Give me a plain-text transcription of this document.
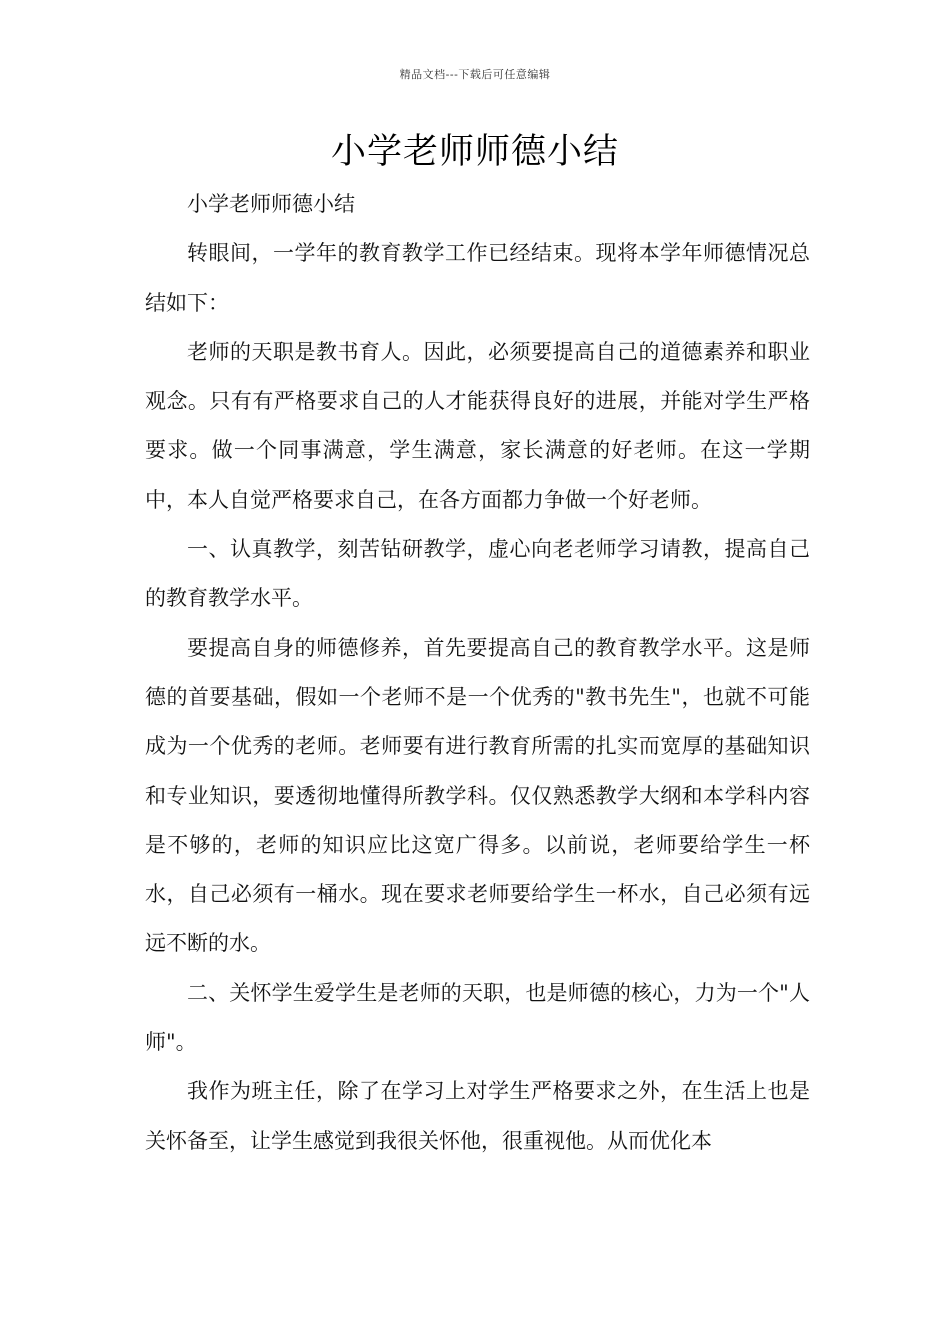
精品文档---下载后可任意编辑
小学老师师德小结

小学老师师德小结

转眼间，一学年的教育教学工作已经结束。现将本学年师德情况总结如下：

老师的天职是教书育人。因此，必须要提高自己的道德素养和职业观念。只有有严格要求自己的人才能获得良好的进展，并能对学生严格要求。做一个同事满意，学生满意，家长满意的好老师。在这一学期中，本人自觉严格要求自己，在各方面都力争做一个好老师。

一、认真教学，刻苦钻研教学，虚心向老老师学习请教，提高自己的教育教学水平。

要提高自身的师德修养，首先要提高自己的教育教学水平。这是师德的首要基础，假如一个老师不是一个优秀的"教书先生"，也就不可能成为一个优秀的老师。老师要有进行教育所需的扎实而宽厚的基础知识和专业知识，要透彻地懂得所教学科。仅仅熟悉教学大纲和本学科内容是不够的，老师的知识应比这宽广得多。以前说，老师要给学生一杯水，自己必须有一桶水。现在要求老师要给学生一杯水，自己必须有远远不断的水。

二、关怀学生爱学生是老师的天职，也是师德的核心，力为一个"人师"。

我作为班主任，除了在学习上对学生严格要求之外，在生活上也是关怀备至，让学生感觉到我很关怀他，很重视他。从而优化本
